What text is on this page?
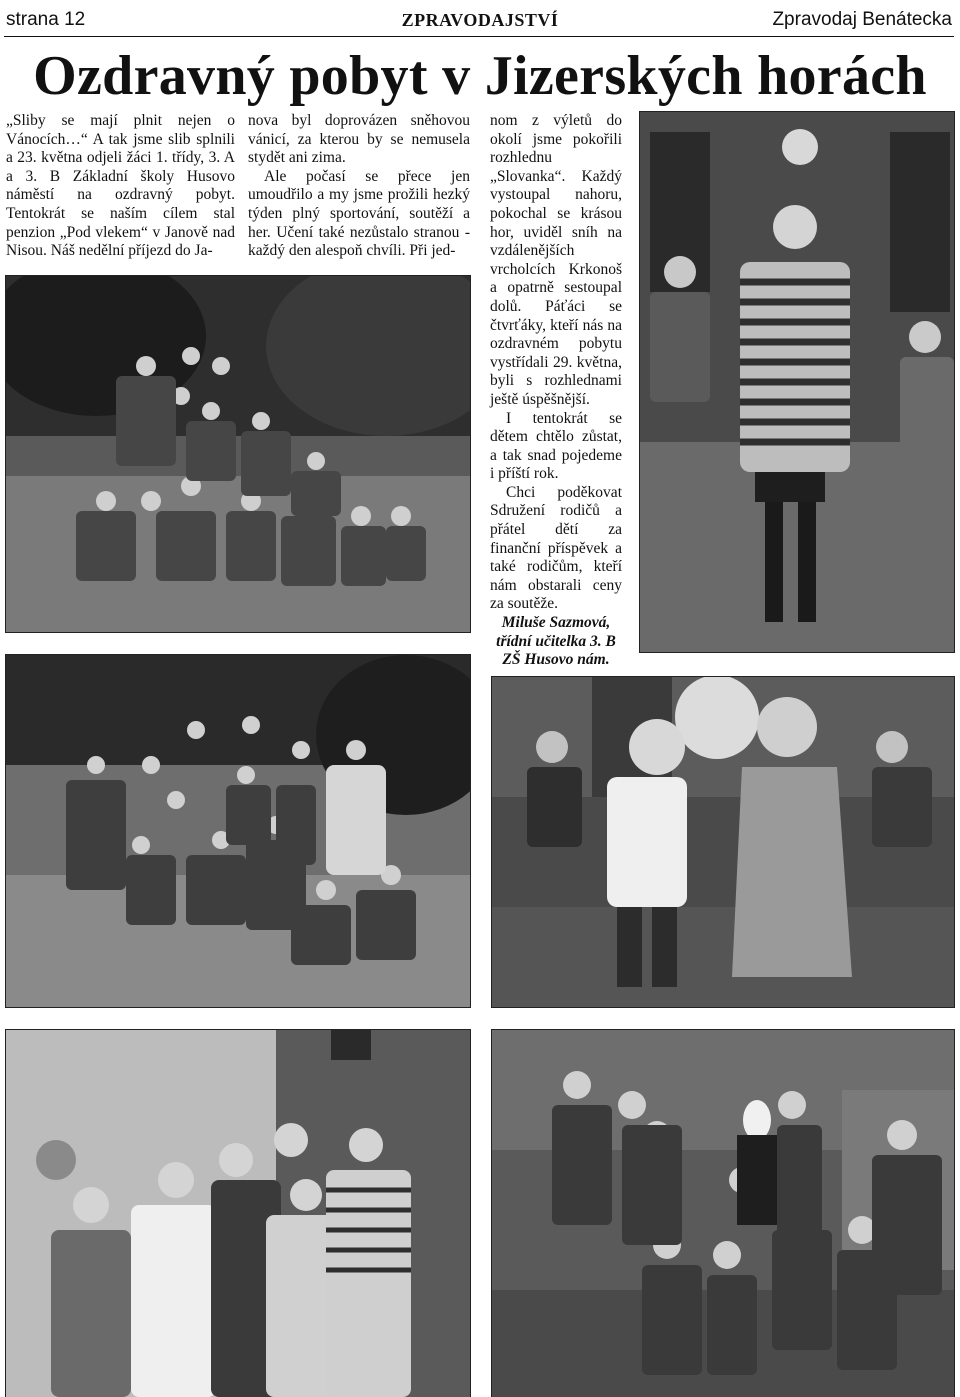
strana 12	ZPRAVODAJSTVÍ	Zpravodaj Benátecka
Ozdravný pobyt v Jizerských horách

„Sliby se mají plnit nejen o Vánocích…“ A tak jsme slib splnili a 23. května odjeli žáci 1. třídy, 3. A a 3. B Základní školy Husovo náměstí na ozdravný pobyt. Tentokrát se naším cílem stal penzion „Pod vlekem“ v Janově nad Nisou. Náš nedělní příjezd do Ja-

nova byl doprovázen sněhovou vánicí, za kterou by se nemusela stydět ani zima.

Ale počasí se přece jen umoudřilo a my jsme prožili hezký týden plný sportování, soutěží a her. Učení také nezůstalo stranou - každý den alespoň chvíli. Při jed-

nom z výletů do okolí jsme pokořili rozhlednu „Slovanka“. Každý vystoupal nahoru, pokochal se krásou hor, uviděl sníh na vzdálenějších vrcholcích Krkonoš a opatrně sestoupal dolů. Páťáci se čtvrťáky, kteří nás na ozdravném pobytu vystřídali 29. května, byli s rozhlednami ještě úspěšnější.

I tentokrát se dětem chtělo zůstat, a tak snad pojedeme i příští rok.

Chci poděkovat Sdružení rodičů a přátel dětí za finanční příspěvek a také rodičům, kteří nám obstarali ceny za soutěže.

Miluše Sazmová,

třídní učitelka 3. B

ZŠ Husovo nám.
